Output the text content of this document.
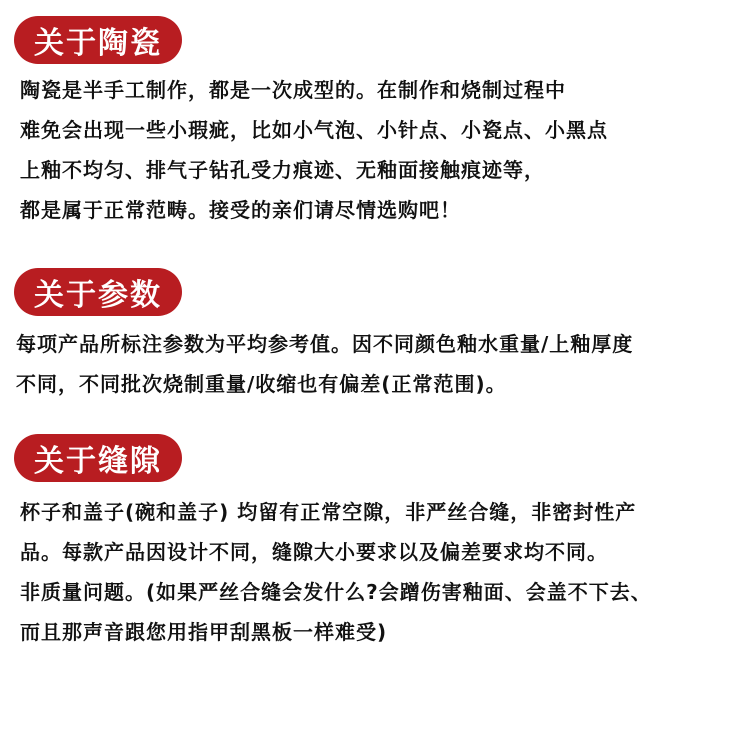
关于陶瓷
陶瓷是半手工制作，都是一次成型的。在制作和烧制过程中
难免会出现一些小瑕疵，比如小气泡、小针点、小瓷点、小黑点
上釉不均匀、排气子钻孔受力痕迹、无釉面接触痕迹等，
都是属于正常范畴。接受的亲们请尽情选购吧！
关于参数
每项产品所标注参数为平均参考值。因不同颜色釉水重量/上釉厚度
不同，不同批次烧制重量/收缩也有偏差(正常范围)。
关于缝隙
杯子和盖子(碗和盖子) 均留有正常空隙，非严丝合缝，非密封性产
品。每款产品因设计不同，缝隙大小要求以及偏差要求均不同。
非质量问题。(如果严丝合缝会发什么?会蹭伤害釉面、会盖不下去、
而且那声音跟您用指甲刮黑板一样难受)
